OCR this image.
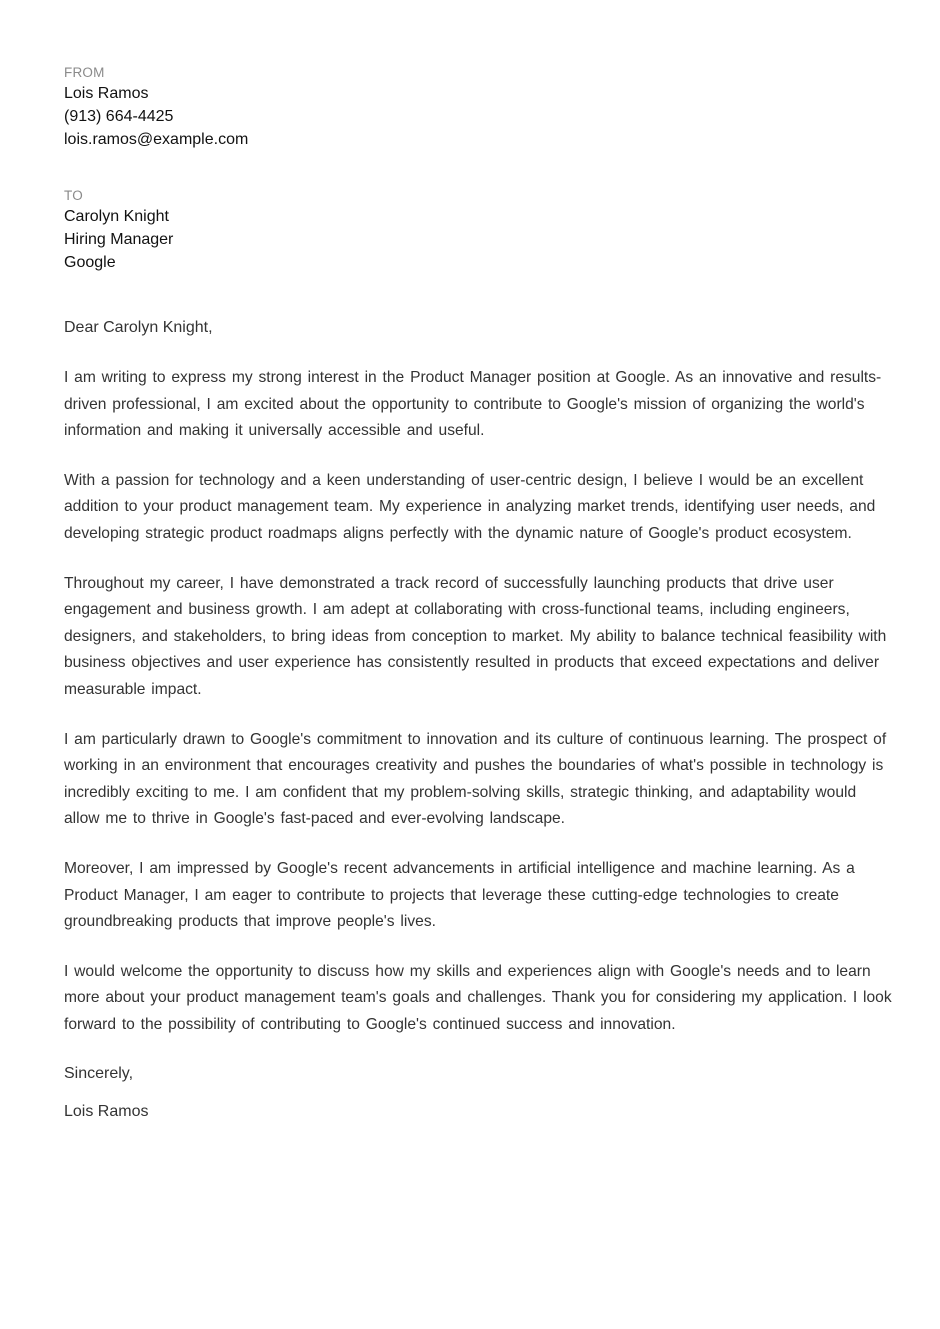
FROM
Lois Ramos
(913) 664-4425
lois.ramos@example.com
TO
Carolyn Knight
Hiring Manager
Google
Dear Carolyn Knight,

I am writing to express my strong interest in the Product Manager position at Google. As an innovative and results-driven professional, I am excited about the opportunity to contribute to Google's mission of organizing the world's information and making it universally accessible and useful.

With a passion for technology and a keen understanding of user-centric design, I believe I would be an excellent addition to your product management team. My experience in analyzing market trends, identifying user needs, and developing strategic product roadmaps aligns perfectly with the dynamic nature of Google's product ecosystem.

Throughout my career, I have demonstrated a track record of successfully launching products that drive user engagement and business growth. I am adept at collaborating with cross-functional teams, including engineers, designers, and stakeholders, to bring ideas from conception to market. My ability to balance technical feasibility with business objectives and user experience has consistently resulted in products that exceed expectations and deliver measurable impact.

I am particularly drawn to Google's commitment to innovation and its culture of continuous learning. The prospect of working in an environment that encourages creativity and pushes the boundaries of what's possible in technology is incredibly exciting to me. I am confident that my problem-solving skills, strategic thinking, and adaptability would allow me to thrive in Google's fast-paced and ever-evolving landscape.

Moreover, I am impressed by Google's recent advancements in artificial intelligence and machine learning. As a Product Manager, I am eager to contribute to projects that leverage these cutting-edge technologies to create groundbreaking products that improve people's lives.

I would welcome the opportunity to discuss how my skills and experiences align with Google's needs and to learn more about your product management team's goals and challenges. Thank you for considering my application. I look forward to the possibility of contributing to Google's continued success and innovation.

Sincerely,
Lois Ramos
